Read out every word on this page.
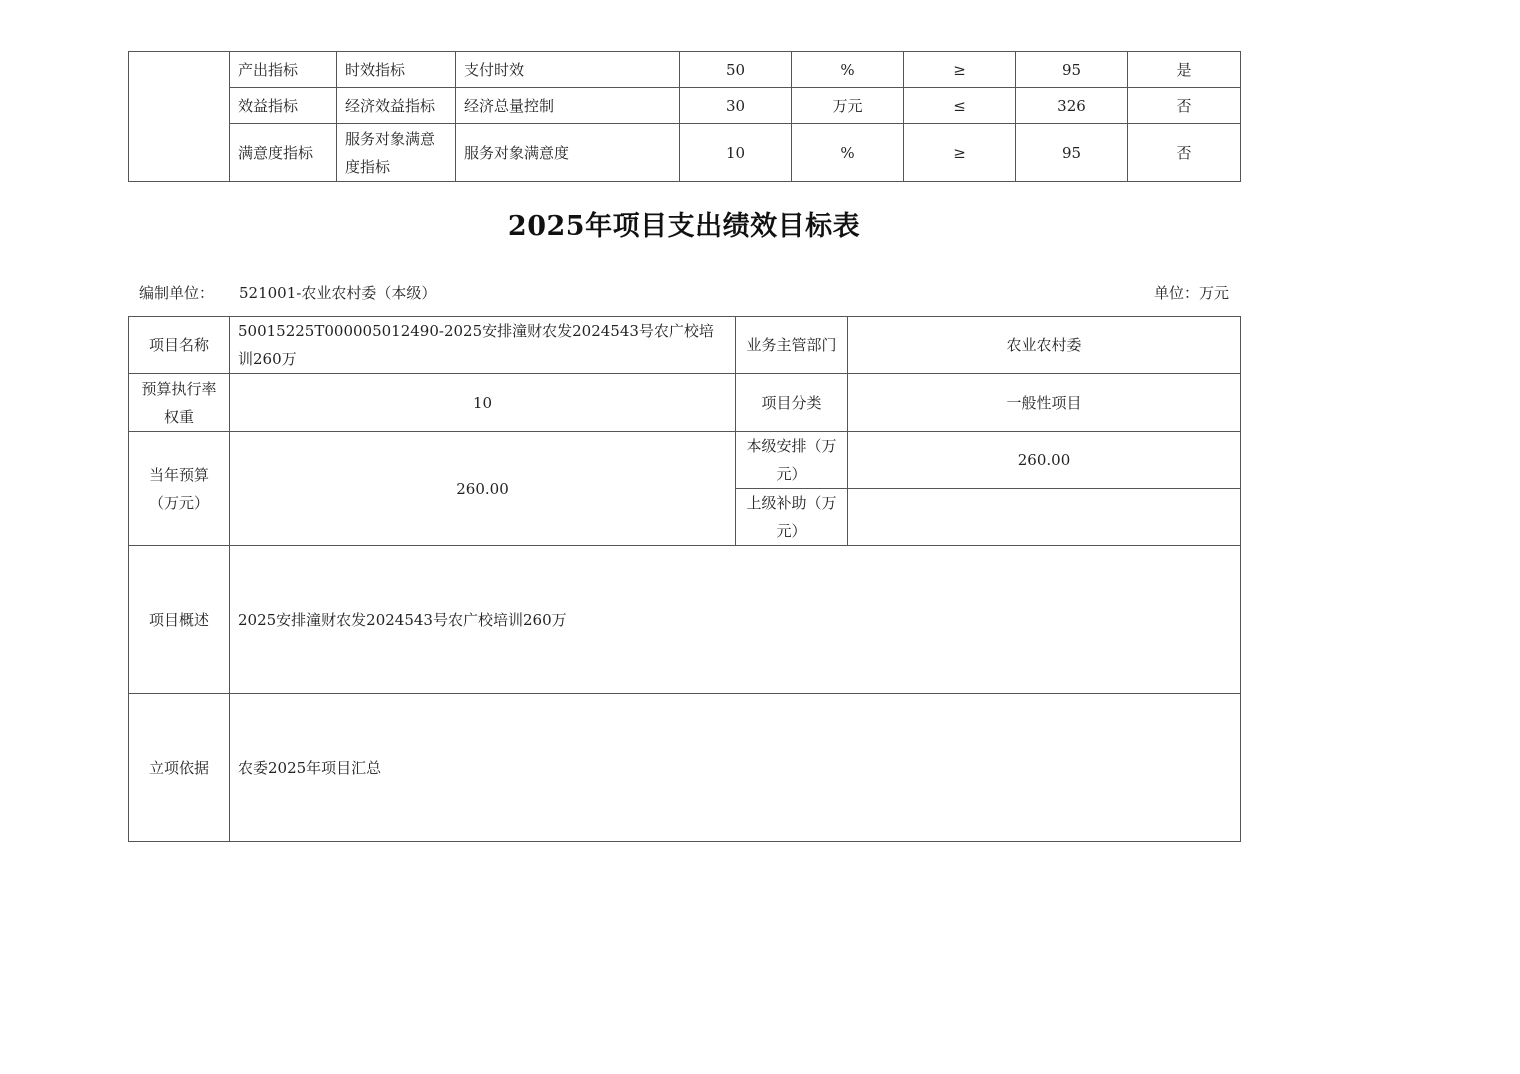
	产出指标	时效指标	支付时效	50	%	≥	95	是
	效益指标	经济效益指标	经济总量控制	30	万元	≤	326	否
	满意度指标	服务对象满意度指标	服务对象满意度	10	%	≥	95	否
2025年项目支出绩效目标表
编制单位： 521001-农业农村委（本级）	单位：万元
项目名称	50015225T000005012490-2025安排潼财农发2024543号农广校培训260万	业务主管部门	农业农村委
预算执行率权重	10	项目分类	一般性项目
当年预算（万元）	260.00	本级安排（万元）	260.00
		上级补助（万元）	
项目概述	2025安排潼财农发2024543号农广校培训260万		
立项依据	农委2025年项目汇总		
